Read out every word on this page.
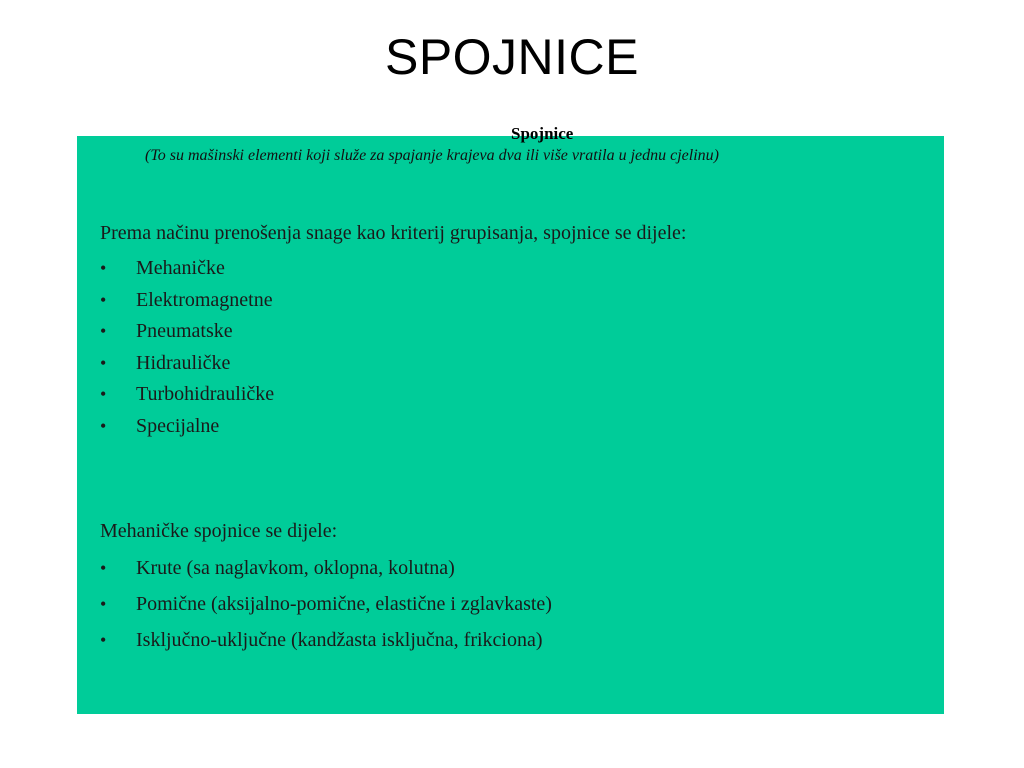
SPOJNICE
Spojnice
(To su mašinski elementi koji služe za spajanje krajeva dva ili više vratila u jednu cjelinu)
Prema načinu prenošenja snage kao kriterij grupisanja, spojnice se dijele:
• Mehaničke
• Elektromagnetne
• Pneumatske
• Hidrauličke
• Turbohidrauličke
• Specijalne
Mehaničke spojnice se dijele:
• Krute (sa naglavkom, oklopna, kolutna)
• Pomične (aksijalno-pomične, elastične i zglavkaste)
• Isključno-uključne (kandžasta isključna, frikciona)
